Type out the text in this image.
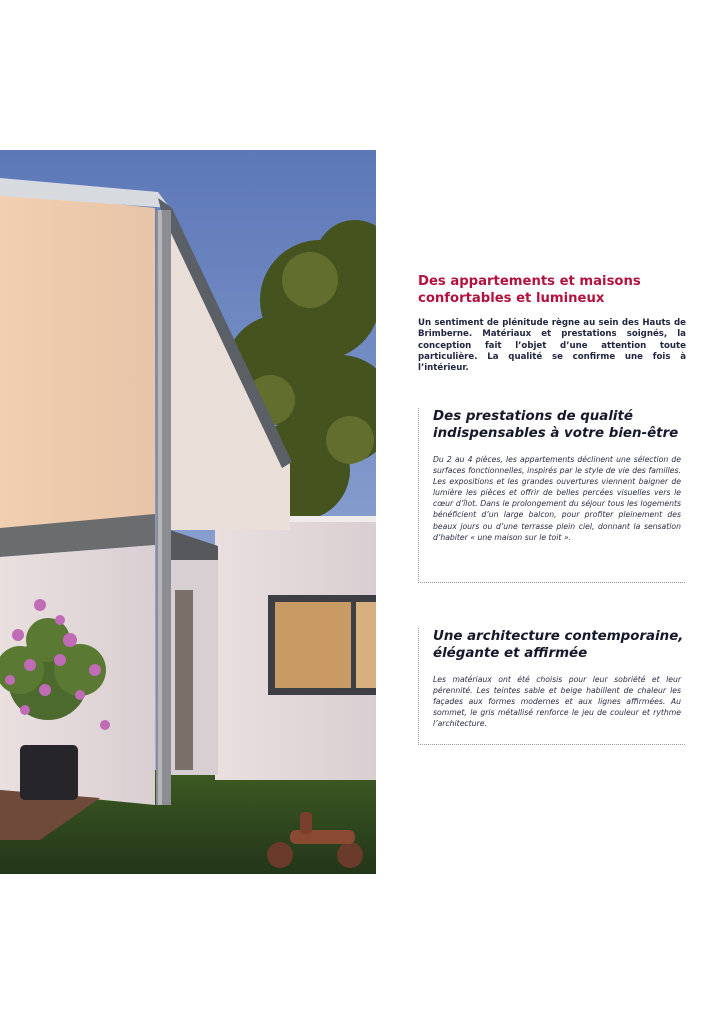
Des appartements et maisons confortables et lumineux

Un sentiment de plénitude règne au sein des Hauts de Brimberne. Matériaux et prestations soignés, la conception fait l’objet d’une attention toute particulière. La qualité se confirme une fois à l’intérieur.

Des prestations de qualité indispensables à votre bien-être

Du 2 au 4 pièces, les appartements déclinent une sélection de surfaces fonctionnelles, inspirés par le style de vie des familles. Les expositions et les grandes ouvertures viennent baigner de lumière les pièces et offrir de belles percées visuelles vers le cœur d’îlot. Dans le prolongement du séjour tous les logements bénéficient d’un large balcon, pour profiter pleinement des beaux jours ou d’une terrasse plein ciel, donnant la sensation d’habiter « une maison sur le toit ».

Une architecture contemporaine, élégante et affirmée

Les matériaux ont été choisis pour leur sobriété et leur pérennité. Les teintes sable et beige habillent de chaleur les façades aux formes modernes et aux lignes affirmées. Au sommet, le gris métallisé renforce le jeu de couleur et rythme l’architecture.
